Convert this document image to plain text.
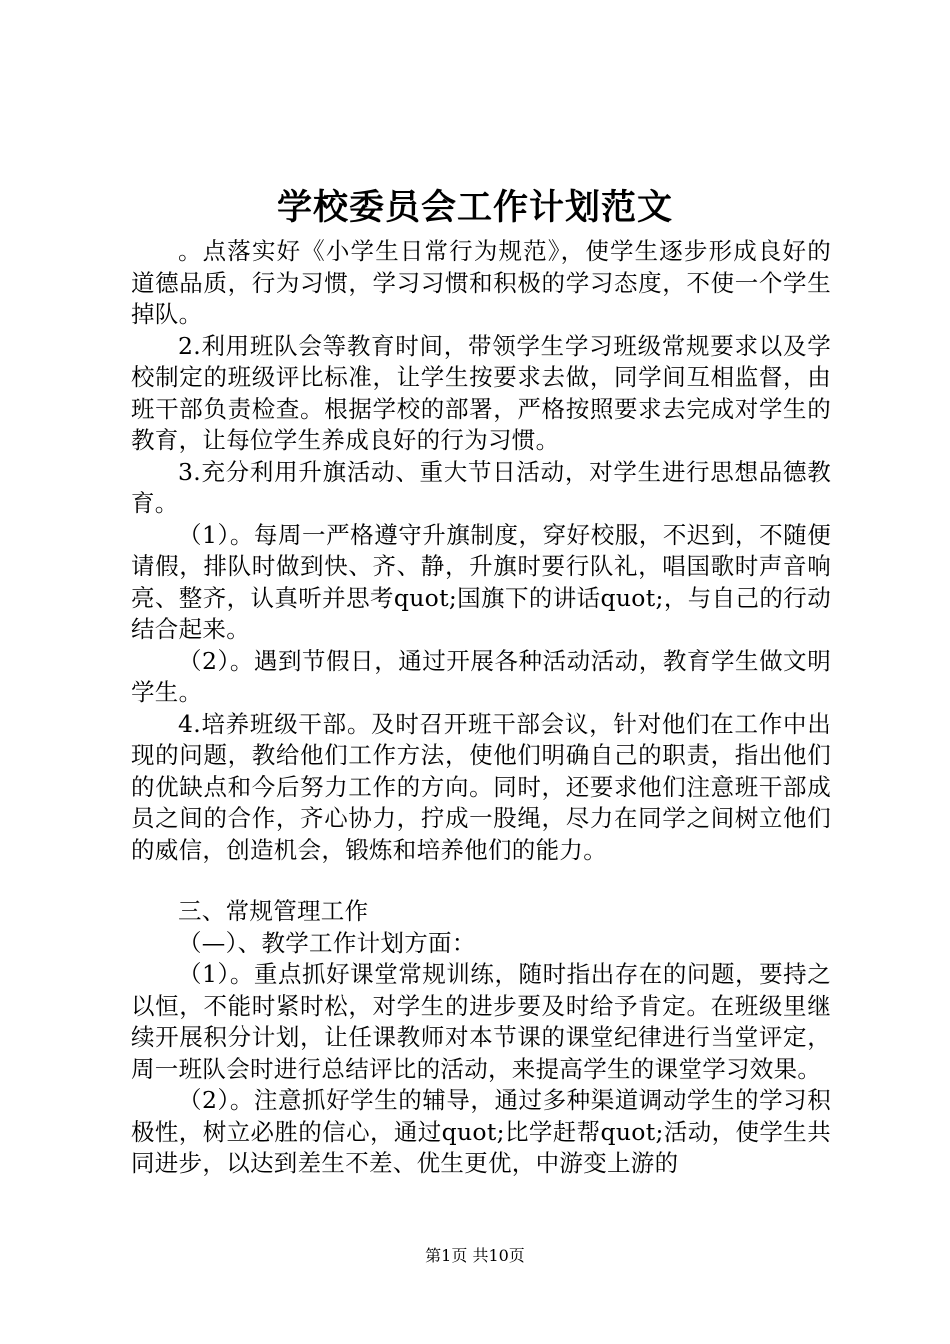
学校委员会工作计划范文

。点落实好《小学生日常行为规范》，使学生逐步形成良好的道德品质，行为习惯，学习习惯和积极的学习态度，不使一个学生掉队。

2.利用班队会等教育时间，带领学生学习班级常规要求以及学校制定的班级评比标准，让学生按要求去做，同学间互相监督，由班干部负责检查。根据学校的部署，严格按照要求去完成对学生的教育，让每位学生养成良好的行为习惯。

3.充分利用升旗活动、重大节日活动，对学生进行思想品德教育。

（1）。每周一严格遵守升旗制度，穿好校服，不迟到，不随便请假，排队时做到快、齐、静，升旗时要行队礼，唱国歌时声音响亮、整齐，认真听并思考quot;国旗下的讲话quot;，与自己的行动结合起来。

（2）。遇到节假日，通过开展各种活动活动，教育学生做文明学生。

4.培养班级干部。及时召开班干部会议，针对他们在工作中出现的问题，教给他们工作方法，使他们明确自己的职责，指出他们的优缺点和今后努力工作的方向。同时，还要求他们注意班干部成员之间的合作，齐心协力，拧成一股绳，尽力在同学之间树立他们的威信，创造机会，锻炼和培养他们的能力。

三、常规管理工作

（—）、教学工作计划方面：

（1）。重点抓好课堂常规训练，随时指出存在的问题，要持之以恒，不能时紧时松，对学生的进步要及时给予肯定。在班级里继续开展积分计划，让任课教师对本节课的课堂纪律进行当堂评定，周一班队会时进行总结评比的活动，来提高学生的课堂学习效果。

（2）。注意抓好学生的辅导，通过多种渠道调动学生的学习积极性，树立必胜的信心，通过quot;比学赶帮quot;活动，使学生共同进步，以达到差生不差、优生更优，中游变上游的

第1页 共10页
